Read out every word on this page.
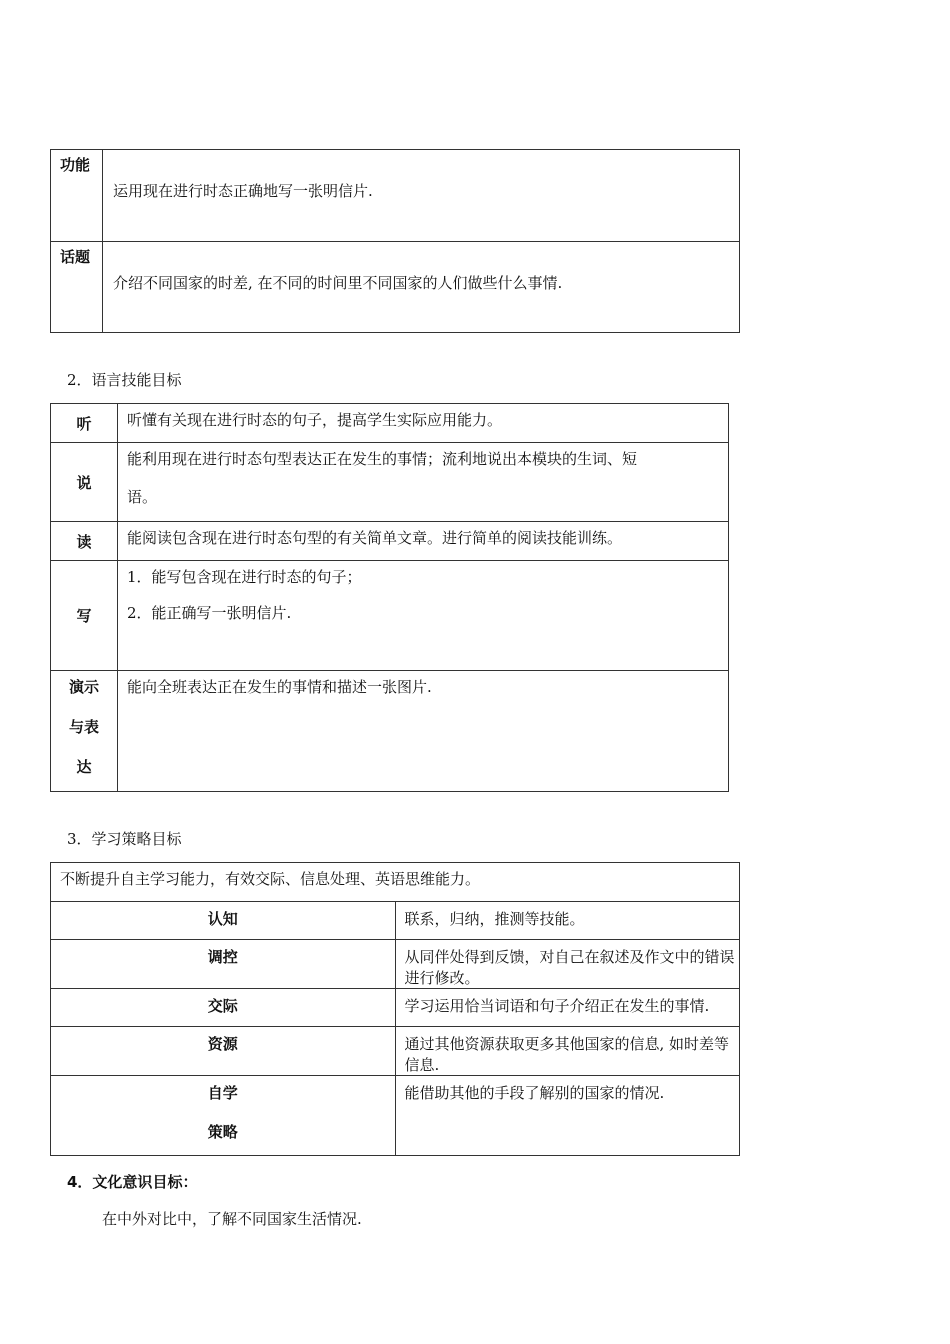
功能	运用现在进行时态正确地写一张明信片.

话题	介绍不同国家的时差, 在不同的时间里不同国家的人们做些什么事情.
2．语言技能目标
听	听懂有关现在进行时态的句子，提高学生实际应用能力。
说	能利用现在进行时态句型表达正在发生的事情；流利地说出本模块的生词、短
语。

读	能阅读包含现在进行时态句型的有关简单文章。进行简单的阅读技能训练。
写	1．能写包含现在进行时态的句子；
2．能正确写一张明信片.

演示
与表
达	能向全班表达正在发生的事情和描述一张图片.
3．学习策略目标
不断提升自主学习能力，有效交际、信息处理、英语思维能力。	
认知	联系，归纳，推测等技能。
调控	从同伴处得到反馈，对自己在叙述及作文中的错误进行修改。
交际	学习运用恰当词语和句子介绍正在发生的事情.
资源	通过其他资源获取更多其他国家的信息, 如时差等信息.

自学
策略	能借助其他的手段了解别的国家的情况.
4．文化意识目标：
在中外对比中，了解不同国家生活情况.
